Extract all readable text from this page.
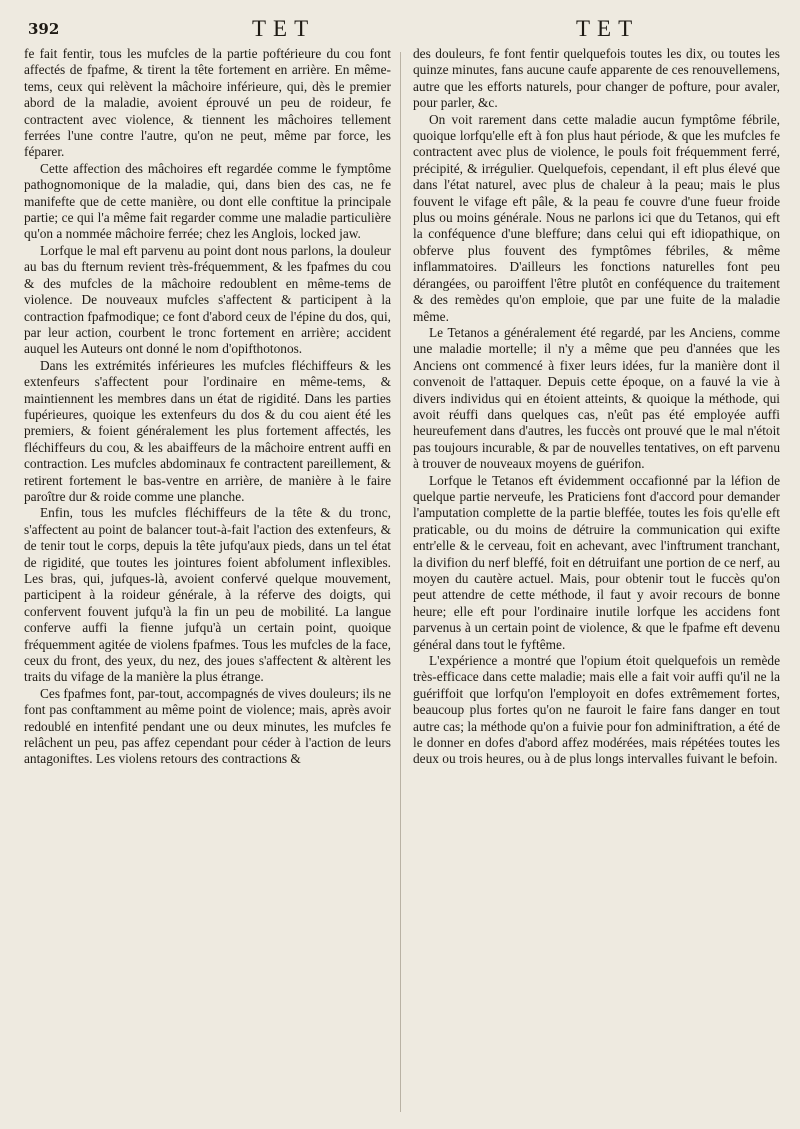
392	TET	TET

fe fait fentir, tous les mufcles de la partie poftérieure du cou font affectés de fpafme, & tirent la tête fortement en arrière. En même-tems, ceux qui relèvent la mâchoire inférieure, qui, dès le premier abord de la maladie, avoient éprouvé un peu de roideur, fe contractent avec violence, & tiennent les mâchoires tellement ferrées l'une contre l'autre, qu'on ne peut, même par force, les féparer.

Cette affection des mâchoires eft regardée comme le fymptôme pathognomonique de la maladie, qui, dans bien des cas, ne fe manifefte que de cette manière, ou dont elle conftitue la principale partie; ce qui l'a même fait regarder comme une maladie particulière qu'on a nommée mâchoire ferrée; chez les Anglois, locked jaw.

Lorfque le mal eft parvenu au point dont nous parlons, la douleur au bas du fternum revient très-fréquemment, & les fpafmes du cou & des mufcles de la mâchoire redoublent en même-tems de violence. De nouveaux mufcles s'affectent & participent à la contraction fpafmodique; ce font d'abord ceux de l'épine du dos, qui, par leur action, courbent le tronc fortement en arrière; accident auquel les Auteurs ont donné le nom d'opifthotonos.

Dans les extrémités inférieures les mufcles fléchiffeurs & les extenfeurs s'affectent pour l'ordinaire en même-tems, & maintiennent les membres dans un état de rigidité. Dans les parties fupérieures, quoique les extenfeurs du dos & du cou aient été les premiers, & foient généralement les plus fortement affectés, les fléchiffeurs du cou, & les abaiffeurs de la mâchoire entrent auffi en contraction. Les mufcles abdominaux fe contractent pareillement, & retirent fortement le bas-ventre en arrière, de manière à le faire paroître dur & roide comme une planche.

Enfin, tous les mufcles fléchiffeurs de la tête & du tronc, s'affectent au point de balancer tout-à-fait l'action des extenfeurs, & de tenir tout le corps, depuis la tête jufqu'aux pieds, dans un tel état de rigidité, que toutes les jointures foient abfolument inflexibles. Les bras, qui, jufques-là, avoient confervé quelque mouvement, participent à la roideur générale, à la réferve des doigts, qui confervent fouvent jufqu'à la fin un peu de mobilité. La langue conferve auffi la fienne jufqu'à un certain point, quoique fréquemment agitée de violens fpafmes. Tous les mufcles de la face, ceux du front, des yeux, du nez, des joues s'affectent & altèrent les traits du vifage de la manière la plus étrange.

Ces fpafmes font, par-tout, accompagnés de vives douleurs; ils ne font pas conftamment au même point de violence; mais, après avoir redoublé en intenfité pendant une ou deux minutes, les mufcles fe relâchent un peu, pas affez cependant pour céder à l'action de leurs antagoniftes. Les violens retours des contractions &

des douleurs, fe font fentir quelquefois toutes les dix, ou toutes les quinze minutes, fans aucune caufe apparente de ces renouvellemens, autre que les efforts naturels, pour changer de pofture, pour avaler, pour parler, &c.

On voit rarement dans cette maladie aucun fymptôme fébrile, quoique lorfqu'elle eft à fon plus haut période, & que les mufcles fe contractent avec plus de violence, le pouls foit fréquemment ferré, précipité, & irrégulier. Quelquefois, cependant, il eft plus élevé que dans l'état naturel, avec plus de chaleur à la peau; mais le plus fouvent le vifage eft pâle, & la peau fe couvre d'une fueur froide plus ou moins générale. Nous ne parlons ici que du Tetanos, qui eft la conféquence d'une bleffure; dans celui qui eft idiopathique, on obferve plus fouvent des fymptômes fébriles, & même inflammatoires. D'ailleurs les fonctions naturelles font peu dérangées, ou paroiffent l'être plutôt en conféquence du traitement & des remèdes qu'on emploie, que par une fuite de la maladie même.

Le Tetanos a généralement été regardé, par les Anciens, comme une maladie mortelle; il n'y a même que peu d'années que les Anciens ont commencé à fixer leurs idées, fur la manière dont il convenoit de l'attaquer. Depuis cette époque, on a fauvé la vie à divers individus qui en étoient atteints, & quoique la méthode, qui avoit réuffi dans quelques cas, n'eût pas été employée auffi heureufement dans d'autres, les fuccès ont prouvé que le mal n'étoit pas toujours incurable, & par de nouvelles tentatives, on eft parvenu à trouver de nouveaux moyens de guérifon.

Lorfque le Tetanos eft évidemment occafionné par la léfion de quelque partie nerveufe, les Praticiens font d'accord pour demander l'amputation complette de la partie bleffée, toutes les fois qu'elle eft praticable, ou du moins de détruire la communication qui exifte entr'elle & le cerveau, foit en achevant, avec l'inftrument tranchant, la divifion du nerf bleffé, foit en détruifant une portion de ce nerf, au moyen du cautère actuel. Mais, pour obtenir tout le fuccès qu'on peut attendre de cette méthode, il faut y avoir recours de bonne heure; elle eft pour l'ordinaire inutile lorfque les accidens font parvenus à un certain point de violence, & que le fpafme eft devenu général dans tout le fyftême.

L'expérience a montré que l'opium étoit quelquefois un remède très-efficace dans cette maladie; mais elle a fait voir auffi qu'il ne la guériffoit que lorfqu'on l'employoit en dofes extrêmement fortes, beaucoup plus fortes qu'on ne fauroit le faire fans danger en tout autre cas; la méthode qu'on a fuivie pour fon adminiftration, a été de le donner en dofes d'abord affez modérées, mais répétées toutes les deux ou trois heures, ou à de plus longs intervalles fuivant le befoin.
